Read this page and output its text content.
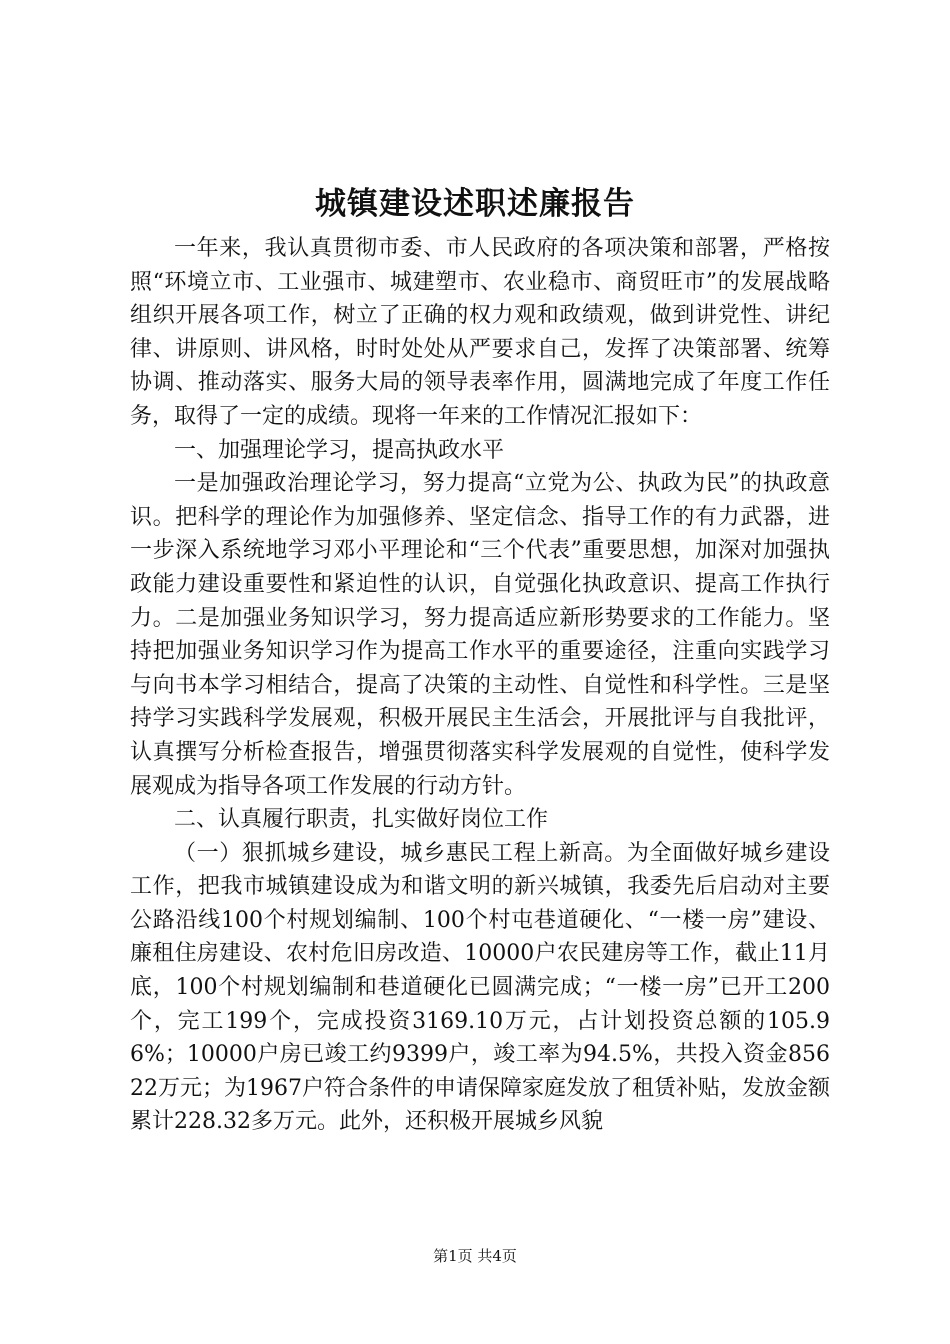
城镇建设述职述廉报告

一年来，我认真贯彻市委、市人民政府的各项决策和部署，严格按照“环境立市、工业强市、城建塑市、农业稳市、商贸旺市”的发展战略组织开展各项工作，树立了正确的权力观和政绩观，做到讲党性、讲纪律、讲原则、讲风格，时时处处从严要求自己，发挥了决策部署、统筹协调、推动落实、服务大局的领导表率作用，圆满地完成了年度工作任务，取得了一定的成绩。现将一年来的工作情况汇报如下：

一、加强理论学习，提高执政水平

一是加强政治理论学习，努力提高“立党为公、执政为民”的执政意识。把科学的理论作为加强修养、坚定信念、指导工作的有力武器，进一步深入系统地学习邓小平理论和“三个代表”重要思想，加深对加强执政能力建设重要性和紧迫性的认识，自觉强化执政意识、提高工作执行力。二是加强业务知识学习，努力提高适应新形势要求的工作能力。坚持把加强业务知识学习作为提高工作水平的重要途径，注重向实践学习与向书本学习相结合，提高了决策的主动性、自觉性和科学性。三是坚持学习实践科学发展观，积极开展民主生活会，开展批评与自我批评，认真撰写分析检查报告，增强贯彻落实科学发展观的自觉性，使科学发展观成为指导各项工作发展的行动方针。

二、认真履行职责，扎实做好岗位工作

（一）狠抓城乡建设，城乡惠民工程上新高。为全面做好城乡建设工作，把我市城镇建设成为和谐文明的新兴城镇，我委先后启动对主要公路沿线100个村规划编制、100个村屯巷道硬化、“一楼一房”建设、廉租住房建设、农村危旧房改造、10000户农民建房等工作，截止11月底，100个村规划编制和巷道硬化已圆满完成；“一楼一房”已开工200个，完工199个，完成投资3169.10万元，占计划投资总额的105.96%；10000户房已竣工约9399户，竣工率为94.5%，共投入资金85622万元；为1967户符合条件的申请保障家庭发放了租赁补贴，发放金额累计228.32多万元。此外，还积极开展城乡风貌

第1页 共4页
